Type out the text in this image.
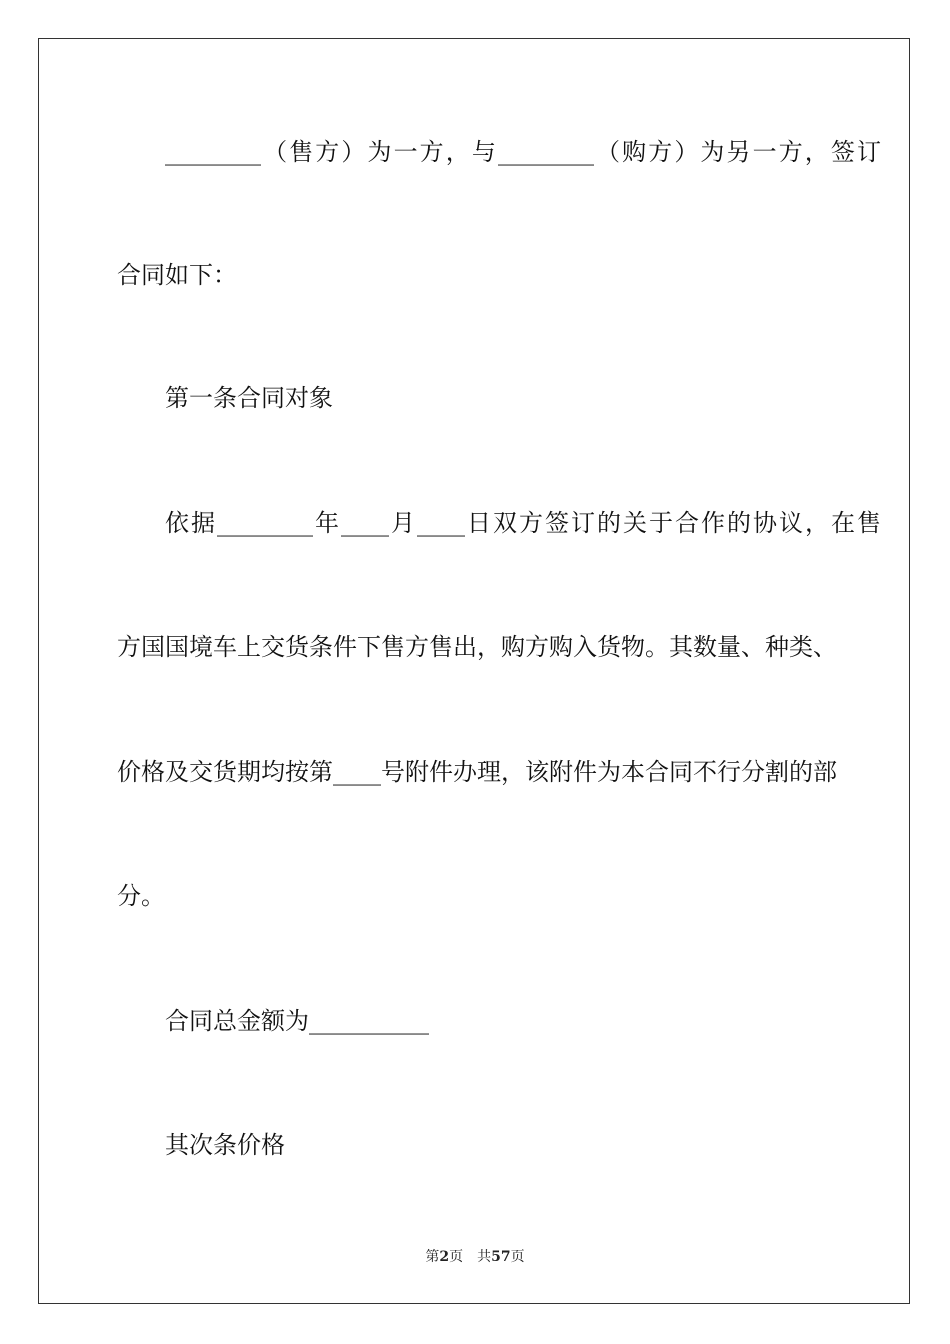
________ （ 售 方 ） 为 一 方 ， 与 ________ （ 购 方 ） 为 另 一 方 ， 签 订
合同如下：
第一条合同对象
依 据 ________ 年 ____ 月 ____ 日 双 方 签 订 的 关 于 合 作 的 协 议 ， 在 售
方 国 国 境 车 上 交 货 条 件 下 售 方 售 出 ， 购 方 购 入 货 物 。 其 数 量 、 种 类 、
价 格 及 交 货 期 均 按 第 ____ 号 附 件 办 理 ， 该 附 件 为 本 合 同 不 行 分 割 的 部
分。
合同总金额为__________
其次条价格
第2页 共57页
